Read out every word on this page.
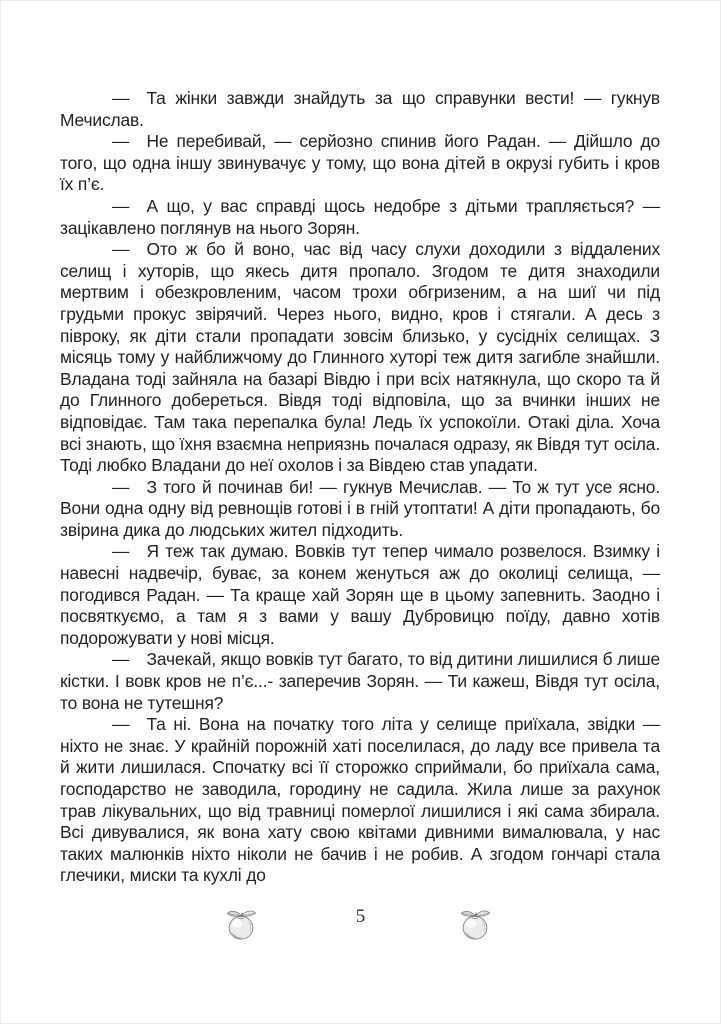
— Та жінки завжди знайдуть за що справунки вести! — гукнув Мечислав.

— Не перебивай, — серйозно спинив його Радан. — Дійшло до того, що одна іншу звинувачує у тому, що вона дітей в окрузі губить і кров їх п’є.

— А що, у вас справді щось недобре з дітьми трапляється? — зацікавлено поглянув на нього Зорян.

— Ото ж бо й воно, час від часу слухи доходили з віддалених селищ і хуторів, що якесь дитя пропало. Згодом те дитя знаходили мертвим і обезкровленим, часом трохи обгризеним, а на шиї чи під грудьми прокус звірячий. Через нього, видно, кров і стягали. А десь з півроку, як діти стали пропадати зовсім близько, у сусідніх селищах. З місяць тому у найближчому до Глинного хуторі теж дитя загибле знайшли. Владана тоді зайняла на базарі Вівдю і при всіх натякнула, що скоро та й до Глинного добереться. Вівдя тоді відповіла, що за вчинки інших не відповідає. Там така перепалка була! Ледь їх успокоїли. Отакі діла. Хоча всі знають, що їхня взаємна неприязнь почалася одразу, як Вівдя тут осіла. Тоді любко Владани до неї охолов і за Вівдею став упадати.

— З того й починав би! — гукнув Мечислав. — То ж тут усе ясно. Вони одна одну від ревнощів готові і в гній утоптати! А діти пропадають, бо звірина дика до людських жител підходить.

— Я теж так думаю. Вовків тут тепер чимало розвелося. Взимку і навесні надвечір, буває, за конем женуться аж до околиці селища, — погодився Радан. — Та краще хай Зорян ще в цьому запевнить. Заодно і посвяткуємо, а там я з вами у вашу Дубровицю поїду, давно хотів подорожувати у нові місця.

— Зачекай, якщо вовків тут багато, то від дитини лишилися б лише кістки. І вовк кров не п’є...- заперечив Зорян. — Ти кажеш, Вівдя тут осіла, то вона не тутешня?

— Та ні. Вона на початку того літа у селище приїхала, звідки — ніхто не знає. У крайній порожній хаті поселилася, до ладу все привела та й жити лишилася. Спочатку всі її сторожко сприймали, бо приїхала сама, господарство не заводила, городину не садила. Жила лише за рахунок трав лікувальних, що від травниці померлої лишилися і які сама збирала. Всі дивувалися, як вона хату свою квітами дивними вималювала, у нас таких малюнків ніхто ніколи не бачив і не робив. А згодом гончарі стала глечики, миски та кухлі до

5
